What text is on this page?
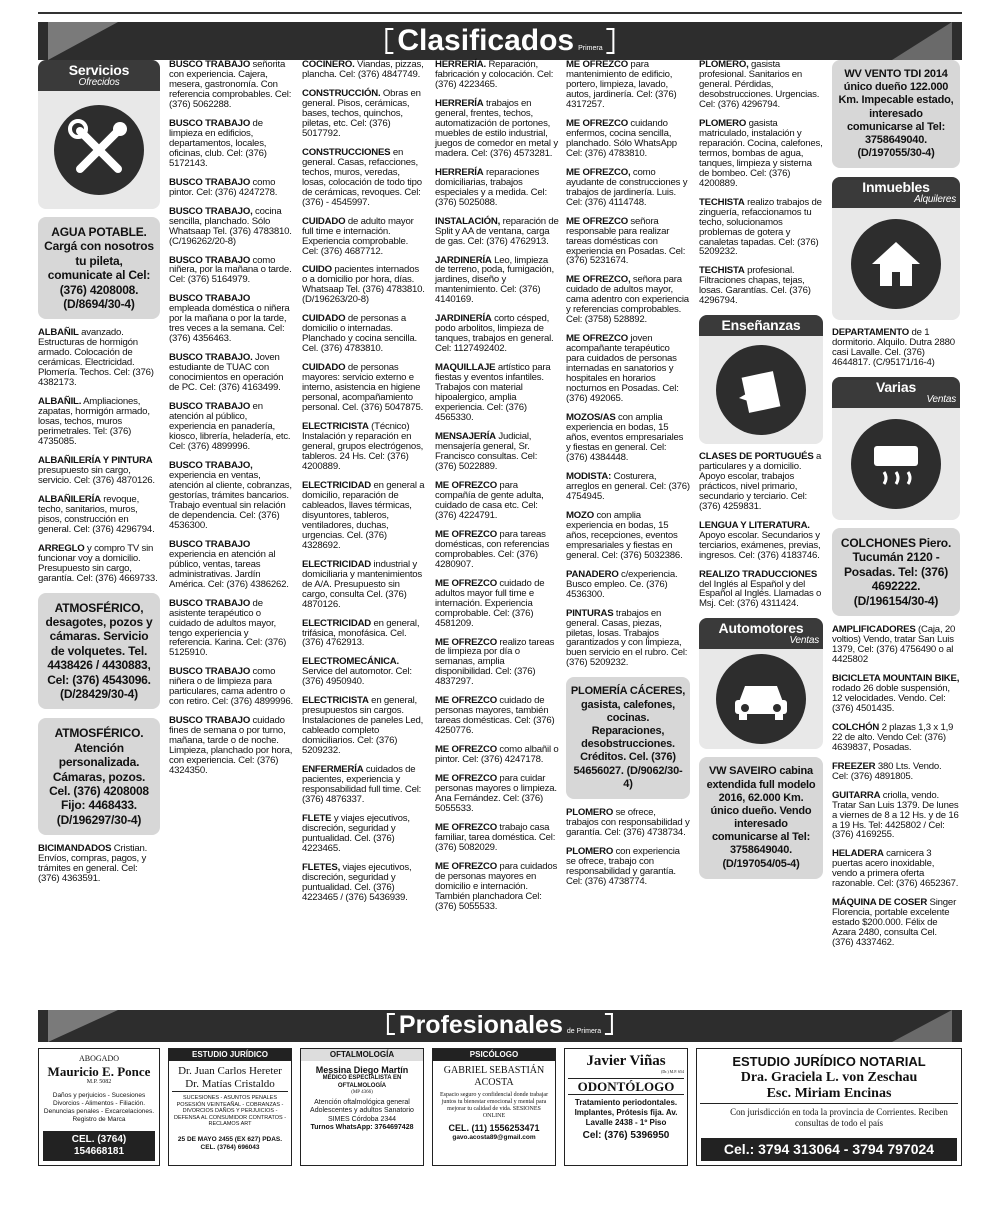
Clasificados Primera
Servicios
Ofrecidos
AGUA POTABLE. Cargá con nosotros tu pileta, comunicate al Cel: (376) 4208008. (D/8694/30-4)
ALBAÑIL avanzado. Estructuras de hormigón armado. Colocación de cerámicas. Electricidad. Plomería. Techos. Cel: (376) 4382173.
ALBAÑIL. Ampliaciones, zapatas, hormigón armado, losas, techos, muros perimetrales. Tel: (376) 4735085.
ALBAÑILERÍA Y PINTURA presupuesto sin cargo, servicio. Cel: (376) 4870126.
ALBAÑILERÍA revoque, techo, sanitarios, muros, pisos, construcción en general. Cel: (376) 4296794.
ARREGLO y compro TV sin funcionar voy a domicilio. Presupuesto sin cargo, garantía. Cel: (376) 4669733.
ATMOSFÉRICO, desagotes, pozos y cámaras. Servicio de volquetes. Tel. 4438426 / 4430883, Cel: (376) 4543096. (D/28429/30-4)
ATMOSFÉRICO. Atención personalizada. Cámaras, pozos. Cel. (376) 4208008 Fijo: 4468433. (D/196297/30-4)
BICIMANDADOS Cristian. Envíos, compras, pagos, y trámites en general. Cel: (376) 4363591.
BUSCO TRABAJO señorita con experiencia. Cajera, mesera, gastronomía. Con referencia comprobables. Cel: (376) 5062288.
BUSCO TRABAJO de limpieza en edificios, departamentos, locales, oficinas, club. Cel: (376) 5172143.
BUSCO TRABAJO como pintor. Cel: (376) 4247278.
BUSCO TRABAJO, cocina sencilla, planchado. Sólo Whatsaap Tel. (376) 4783810. (C/196262/20-8)
BUSCO TRABAJO como niñera, por la mañana o tarde. Cel: (376) 5164979.
BUSCO TRABAJO empleada doméstica o niñera por la mañana o por la tarde, tres veces a la semana. Cel: (376) 4356463.
BUSCO TRABAJO. Joven estudiante de TUAC con conocimientos en operación de PC. Cel: (376) 4163499.
BUSCO TRABAJO en atención al público, experiencia en panadería, kiosco, librería, heladería, etc. Cel: (376) 4899996.
BUSCO TRABAJO, experiencia en ventas, atención al cliente, cobranzas, gestorías, trámites bancarios. Trabajo eventual sin relación de dependencia. Cel: (376) 4536300.
BUSCO TRABAJO experiencia en atención al público, ventas, tareas administrativas. Jardín América. Cel: (376) 4386262.
BUSCO TRABAJO de asistente terapéutico o cuidado de adultos mayor, tengo experiencia y referencia. Karina. Cel: (376) 5125910.
BUSCO TRABAJO como niñera o de limpieza para particulares, cama adentro o con retiro. Cel: (376) 4899996.
BUSCO TRABAJO cuidado fines de semana o por turno, mañana, tarde o de noche. Limpieza, planchado por hora, con experiencia. Cel: (376) 4324350.
COCINERO. Viandas, pizzas, plancha. Cel: (376) 4847749.
CONSTRUCCIÓN. Obras en general. Pisos, cerámicas, bases, techos, quinchos, piletas, etc. Cel: (376) 5017792.
CONSTRUCCIONES en general. Casas, refacciones, techos, muros, veredas, losas, colocación de todo tipo de cerámicas, revoques. Cel: (376) - 4545997.
CUIDADO de adulto mayor full time e internación. Experiencia comprobable. Cel: (376) 4687712.
CUIDO pacientes internados o a domicilio por hora, días. Whatsaap Tel. (376) 4783810. (D/196263/20-8)
CUIDADO de personas a domicilio o internadas. Planchado y cocina sencilla. Cel. (376) 4783810.
CUIDADO de personas mayores: servicio externo e interno, asistencia en higiene personal, acompañamiento personal. Cel. (376) 5047875.
ELECTRICISTA (Técnico) Instalación y reparación en general, grupos electrógenos, tableros. 24 Hs. Cel: (376) 4200889.
ELECTRICIDAD en general a domicilio, reparación de cableados, llaves térmicas, disyuntores, tableros, ventiladores, duchas, urgencias. Cel. (376) 4328692.
ELECTRICIDAD industrial y domiciliaria y mantenimientos de A/A. Presupuesto sin cargo, consulta Cel. (376) 4870126.
ELECTRICIDAD en general, trifásica, monofásica. Cel. (376) 4762913.
ELECTROMECÁNICA. Service del automotor. Cel: (376) 4950940.
ELECTRICISTA en general, presupuestos sin cargos. Instalaciones de paneles Led, cableado completo domiciliarios. Cel: (376) 5209232.
ENFERMERÍA cuidados de pacientes, experiencia y responsabilidad full time. Cel: (376) 4876337.
FLETE y viajes ejecutivos, discreción, seguridad y puntualidad. Cel. (376) 4223465.
FLETES, viajes ejecutivos, discreción, seguridad y puntualidad. Cel. (376) 4223465 / (376) 5436939.
HERRERÍA. Reparación, fabricación y colocación. Cel: (376) 4223465.
HERRERÍA trabajos en general, frentes, techos, automatización de portones, muebles de estilo industrial, juegos de comedor en metal y madera. Cel: (376) 4573281.
HERRERÍA reparaciones domiciliarias, trabajos especiales y a medida. Cel: (376) 5025088.
INSTALACIÓN, reparación de Split y AA de ventana, carga de gas. Cel: (376) 4762913.
JARDINERÍA Leo, limpieza de terreno, poda, fumigación, jardines, diseño y mantenimiento. Cel: (376) 4140169.
JARDINERÍA corto césped, podo arbolitos, limpieza de tanques, trabajos en general. Cel: 1127492402.
MAQUILLAJE artístico para fiestas y eventos infantiles. Trabajos con material hipoalergico, amplia experiencia. Cel: (376) 4565330.
MENSAJERÍA Judicial, mensajería general, Sr. Francisco consultas. Cel: (376) 5022889.
ME OFREZCO para compañía de gente adulta, cuidado de casa etc. Cel: (376) 4224791.
ME OFREZCO para tareas domésticas, con referencias comprobables. Cel: (376) 4280907.
ME OFREZCO cuidado de adultos mayor full time e internación. Experiencia comprobable. Cel: (376) 4581209.
ME OFREZCO realizo tareas de limpieza por día o semanas, amplia disponibilidad. Cel: (376) 4837297.
ME OFREZCO cuidado de personas mayores, también tareas domésticas. Cel: (376) 4250776.
ME OFREZCO como albañil o pintor. Cel: (376) 4247178.
ME OFREZCO para cuidar personas mayores o limpieza. Ana Fernández. Cel: (376) 5055533.
ME OFREZCO trabajo casa familiar, tarea doméstica. Cel: (376) 5082029.
ME OFREZCO para cuidados de personas mayores en domicilio e internación. También planchadora Cel: (376) 5055533.
ME OFREZCO para mantenimiento de edificio, portero, limpieza, lavado, autos, jardinería. Cel: (376) 4317257.
ME OFREZCO cuidando enfermos, cocina sencilla, planchado. Sólo WhatsApp Cel: (376) 4783810.
ME OFREZCO, como ayudante de construcciones y trabajos de jardinería. Luis. Cel: (376) 4114748.
ME OFREZCO señora responsable para realizar tareas domésticas con experiencia en Posadas. Cel: (376) 5231674.
ME OFREZCO, señora para cuidado de adultos mayor, cama adentro con experiencia y referencias comprobables. Cel: (3758) 528892.
ME OFREZCO joven acompañante terapéutico para cuidados de personas internadas en sanatorios y hospitales en horarios nocturnos en Posadas. Cel: (376) 492065.
MOZOS/AS con amplia experiencia en bodas, 15 años, eventos empresariales y fiestas en general. Cel: (376) 4384448.
MODISTA: Costurera, arreglos en general. Cel: (376) 4754945.
MOZO con amplia experiencia en bodas, 15 años, recepciones, eventos empresariales y fiestas en general. Cel: (376) 5032386.
PANADERO c/experiencia. Busco empleo. Ce. (376) 4536300.
PINTURAS trabajos en general. Casas, piezas, piletas, losas. Trabajos garantizados y con limpieza, buen servicio en el rubro. Cel: (376) 5209232.
PLOMERÍA CÁCERES, gasista, calefones, cocinas. Reparaciones, desobstrucciones. Créditos. Cel. (376) 54656027. (D/9062/30-4)
PLOMERO se ofrece, trabajos con responsabilidad y garantía. Cel: (376) 4738734.
PLOMERO con experiencia se ofrece, trabajo con responsabilidad y garantía. Cel: (376) 4738774.
PLOMERO, gasista profesional. Sanitarios en general. Pérdidas, desobstrucciones. Urgencias. Cel: (376) 4296794.
PLOMERO gasista matriculado, instalación y reparación. Cocina, calefones, termos, bombas de agua, tanques, limpieza y sisterna de bombeo. Cel: (376) 4200889.
TECHISTA realizo trabajos de zinguería, refaccionamos tu techo, solucionamos problemas de gotera y canaletas tapadas. Cel: (376) 5209232.
TECHISTA profesional. Filtraciones chapas, tejas, losas. Garantías. Cel. (376) 4296794.
Enseñanzas
CLASES DE PORTUGUÉS a particulares y a domicilio. Apoyo escolar, trabajos prácticos, nivel primario, secundario y terciario. Cel: (376) 4259831.
LENGUA Y LITERATURA. Apoyo escolar. Secundarios y terciarios, exámenes, previas, ingresos. Cel: (376) 4183746.
REALIZO TRADUCCIONES del Inglés al Español y del Español al Inglés. Llamadas o Msj. Cel: (376) 4311424.
Automotores
Ventas
VW SAVEIRO cabina extendida full modelo 2016, 62.000 Km. único dueño. Vendo interesado comunicarse al Tel: 3758649040. (D/197054/05-4)
WV VENTO TDI 2014 único dueño 122.000 Km. Impecable estado, interesado comunicarse al Tel: 3758649040. (D/197055/30-4)
Inmuebles
Alquileres
DEPARTAMENTO de 1 dormitorio. Alquilo. Dutra 2880 casi Lavalle. Cel. (376) 4644817. (C/95171/16-4)
Varias
Ventas
COLCHONES Piero. Tucumán 2120 - Posadas. Tel: (376) 4692222. (D/196154/30-4)
AMPLIFICADORES (Caja, 20 voltios) Vendo, tratar San Luis 1379, Cel: (376) 4756490 o al 4425802
BICICLETA MOUNTAIN BIKE, rodado 26 doble suspensión, 12 velocidades. Vendo. Cel: (376) 4501435.
COLCHÓN 2 plazas 1,3 x 1,9 22 de alto. Vendo Cel: (376) 4639837, Posadas.
FREEZER 380 Lts. Vendo. Cel: (376) 4891805.
GUITARRA criolla, vendo. Tratar San Luis 1379. De lunes a viernes de 8 a 12 Hs. y de 16 a 19 Hs. Tel: 4425802 / Cel: (376) 4169255.
HELADERA carnicera 3 puertas acero inoxidable, vendo a primera oferta razonable. Cel: (376) 4652367.
MÁQUINA DE COSER Singer Florencia, portable excelente estado $200.000. Félix de Azara 2480, consulta Cel. (376) 4337462.
Profesionales de Primera
ABOGADO
Mauricio E. Ponce
M.P. 5082
Daños y perjuicios - Sucesiones Divorcios - Alimentos - Filiación. Denuncias penales - Excarcelaciones. Registro de Marca
CEL. (3764) 154668181
ESTUDIO JURÍDICO
Dr. Juan Carlos Hereter
Dr. Matías Cristaldo
SUCESIONES - ASUNTOS PENALES POSESIÓN VEINTEAÑAL - COBRANZAS - DIVORCIOS DAÑOS Y PERJUICIOS - DEFENSA AL CONSUMIDOR CONTRATOS - RECLAMOS ART
25 DE MAYO 2455 (EX 627) PDAS. CEL. (3764) 696043
OFTALMOLOGÍA
Messina Diego Martín
MÉDICO ESPECIALISTA EN OFTALMOLOGÍA
(MP 4366)
Atención oftalmológica general Adolescentes y adultos Sanatorio SIMES Córdoba 2344
Turnos WhatsApp: 3764697428
PSICÓLOGO
GABRIEL SEBASTIÁN ACOSTA
Espacio seguro y confidencial donde trabajar juntos tu bienestar emocional y mental para mejorar tu calidad de vida. SESIONES ONLINE
CEL. (11) 1556253471
gavo.acosta89@gmail.com
Javier Viñas
(Dr.) M.P. 654
ODONTÓLOGO
Tratamiento periodontales. Implantes, Prótesis fija. Av. Lavalle 2438 - 1º Piso
Cel: (376) 5396950
ESTUDIO JURÍDICO NOTARIAL
Dra. Graciela L. von Zeschau
Esc. Miriam Encinas
Con jurisdicción en toda la provincia de Corrientes. Reciben consultas de todo el país
Cel.: 3794 313064 - 3794 797024
